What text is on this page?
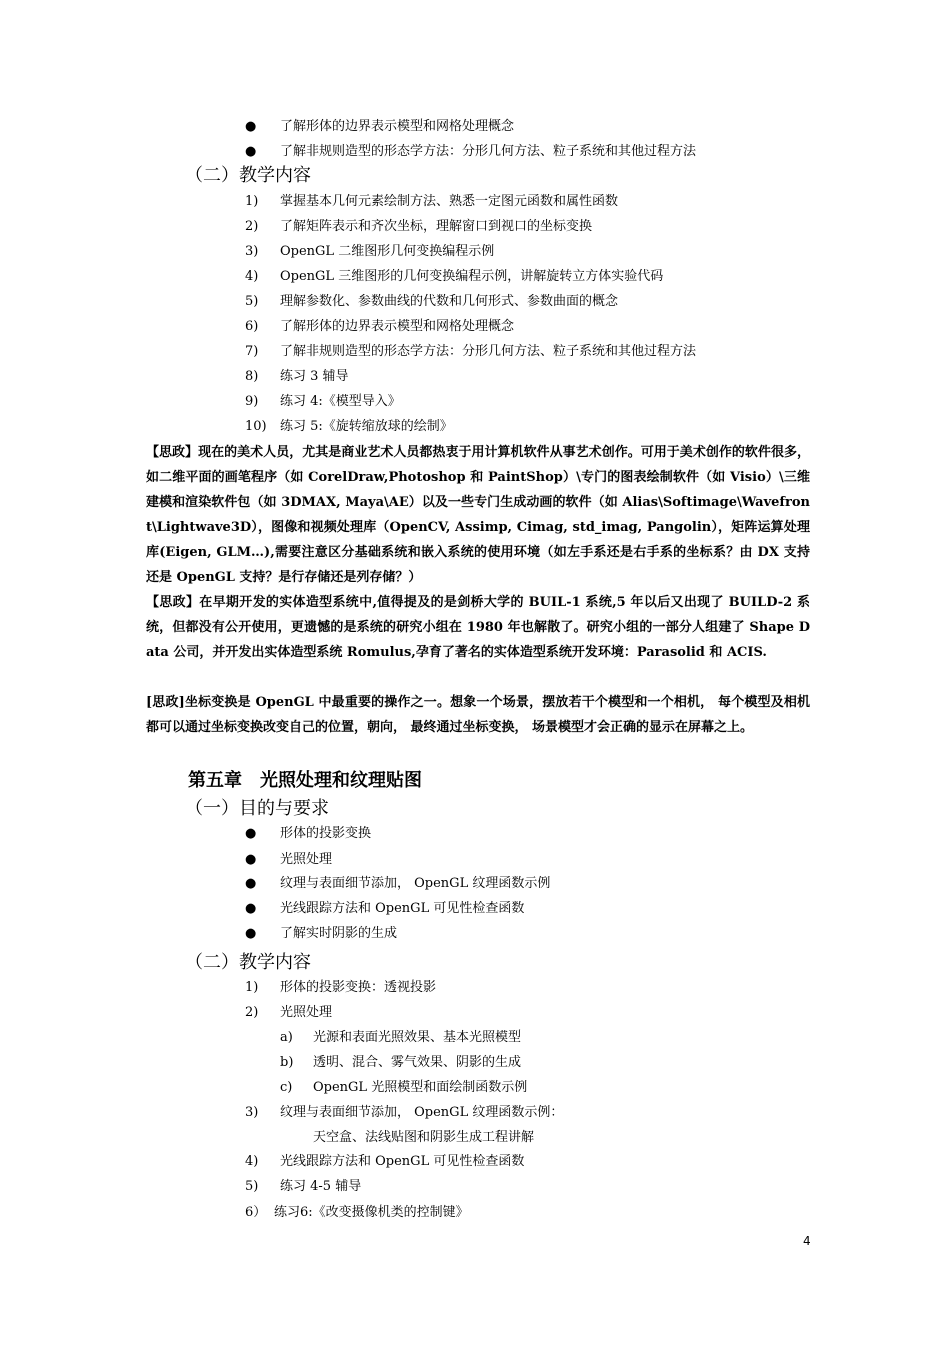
● 了解形体的边界表示模型和网格处理概念
● 了解非规则造型的形态学方法：分形几何方法、粒子系统和其他过程方法
（二）教学内容
1) 掌握基本几何元素绘制方法、熟悉一定图元函数和属性函数
2) 了解矩阵表示和齐次坐标，理解窗口到视口的坐标变换
3) OpenGL 二维图形几何变换编程示例
4) OpenGL 三维图形的几何变换编程示例，讲解旋转立方体实验代码
5) 理解参数化、参数曲线的代数和几何形式、参数曲面的概念
6) 了解形体的边界表示模型和网格处理概念
7) 了解非规则造型的形态学方法：分形几何方法、粒子系统和其他过程方法
8) 练习 3 辅导
9) 练习 4:《模型导入》
10) 练习 5:《旋转缩放球的绘制》
【思政】现在的美术人员，尤其是商业艺术人员都热衷于用计算机软件从事艺术创作。可用于美术创作的软件很多，如二维平面的画笔程序（如 CorelDraw,Photoshop 和 PaintShop）\专门的图表绘制软件（如 Visio）\三维建模和渲染软件包（如 3DMAX, Maya\AE）以及一些专门生成动画的软件（如 Alias\Softimage\Wavefront\Lightwave3D），图像和视频处理库（OpenCV, Assimp, Cimag, std_imag, Pangolin），矩阵运算处理库(Eigen, GLM…),需要注意区分基础系统和嵌入系统的使用环境（如左手系还是右手系的坐标系？由 DX 支持还是 OpenGL 支持？是行存储还是列存储？）
【思政】在早期开发的实体造型系统中,值得提及的是剑桥大学的 BUIL-1 系统,5 年以后又出现了 BUILD-2 系统，但都没有公开使用，更遗憾的是系统的研究小组在 1980 年也解散了。研究小组的一部分人组建了 Shape Data 公司，并开发出实体造型系统 Romulus,孕育了著名的实体造型系统开发环境：Parasolid 和 ACIS.
[思政]坐标变换是 OpenGL 中最重要的操作之一。想象一个场景，摆放若干个模型和一个相机， 每个模型及相机都可以通过坐标变换改变自己的位置，朝向， 最终通过坐标变换， 场景模型才会正确的显示在屏幕之上。
第五章　光照处理和纹理贴图
（一）目的与要求
● 形体的投影变换
● 光照处理
● 纹理与表面细节添加， OpenGL 纹理函数示例
● 光线跟踪方法和 OpenGL 可见性检查函数
● 了解实时阴影的生成
（二）教学内容
1) 形体的投影变换：透视投影
2) 光照处理
a) 光源和表面光照效果、基本光照模型
b) 透明、混合、雾气效果、阴影的生成
c) OpenGL 光照模型和面绘制函数示例
3) 纹理与表面细节添加， OpenGL 纹理函数示例：
天空盒、法线贴图和阴影生成工程讲解
4) 光线跟踪方法和 OpenGL 可见性检查函数
5) 练习 4-5 辅导
6） 练习6:《改变摄像机类的控制键》
4
